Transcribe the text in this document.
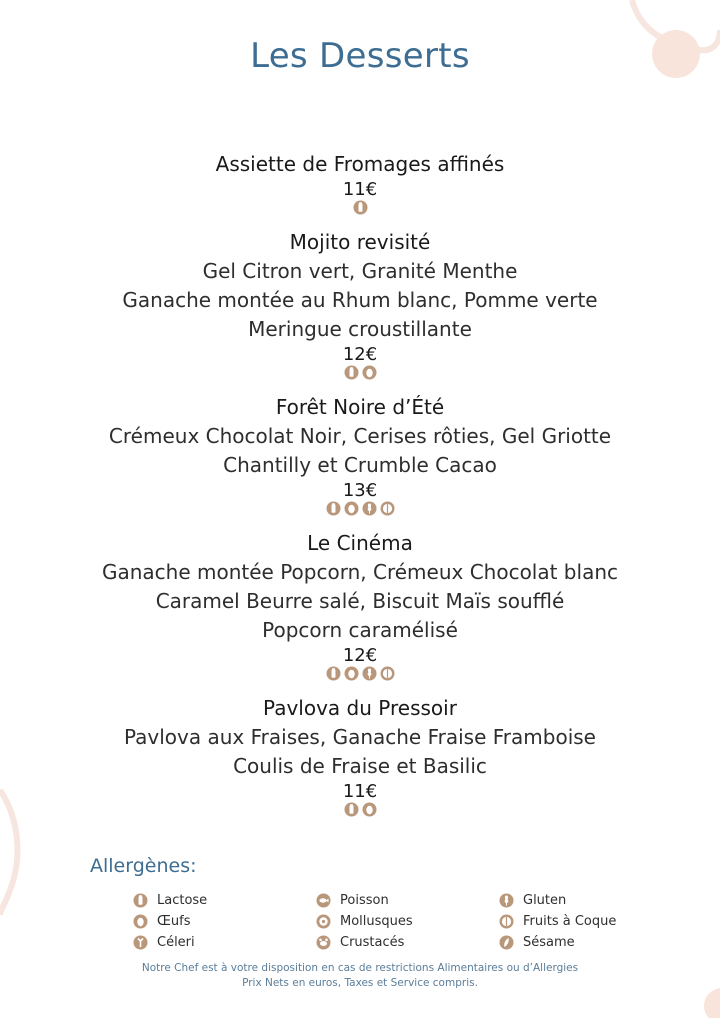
Les Desserts
Assiette de Fromages affinés
11€
Mojito revisité
Gel Citron vert, Granité Menthe
Ganache montée au Rhum blanc, Pomme verte
Meringue croustillante
12€
Forêt Noire d’Été
Crémeux Chocolat Noir, Cerises rôties, Gel Griotte
Chantilly et Crumble Cacao
13€
Le Cinéma
Ganache montée Popcorn, Crémeux Chocolat blanc
Caramel Beurre salé, Biscuit Maïs soufflé
Popcorn caramélisé
12€
Pavlova du Pressoir
Pavlova aux Fraises, Ganache Fraise Framboise
Coulis de Fraise et Basilic
11€
Allergènes:
Lactose
Œufs
Céleri
Poisson
Mollusques
Crustacés
Gluten
Fruits à Coque
Sésame
Notre Chef est à votre disposition en cas de restrictions Alimentaires ou d’Allergies
Prix Nets en euros, Taxes et Service compris.
